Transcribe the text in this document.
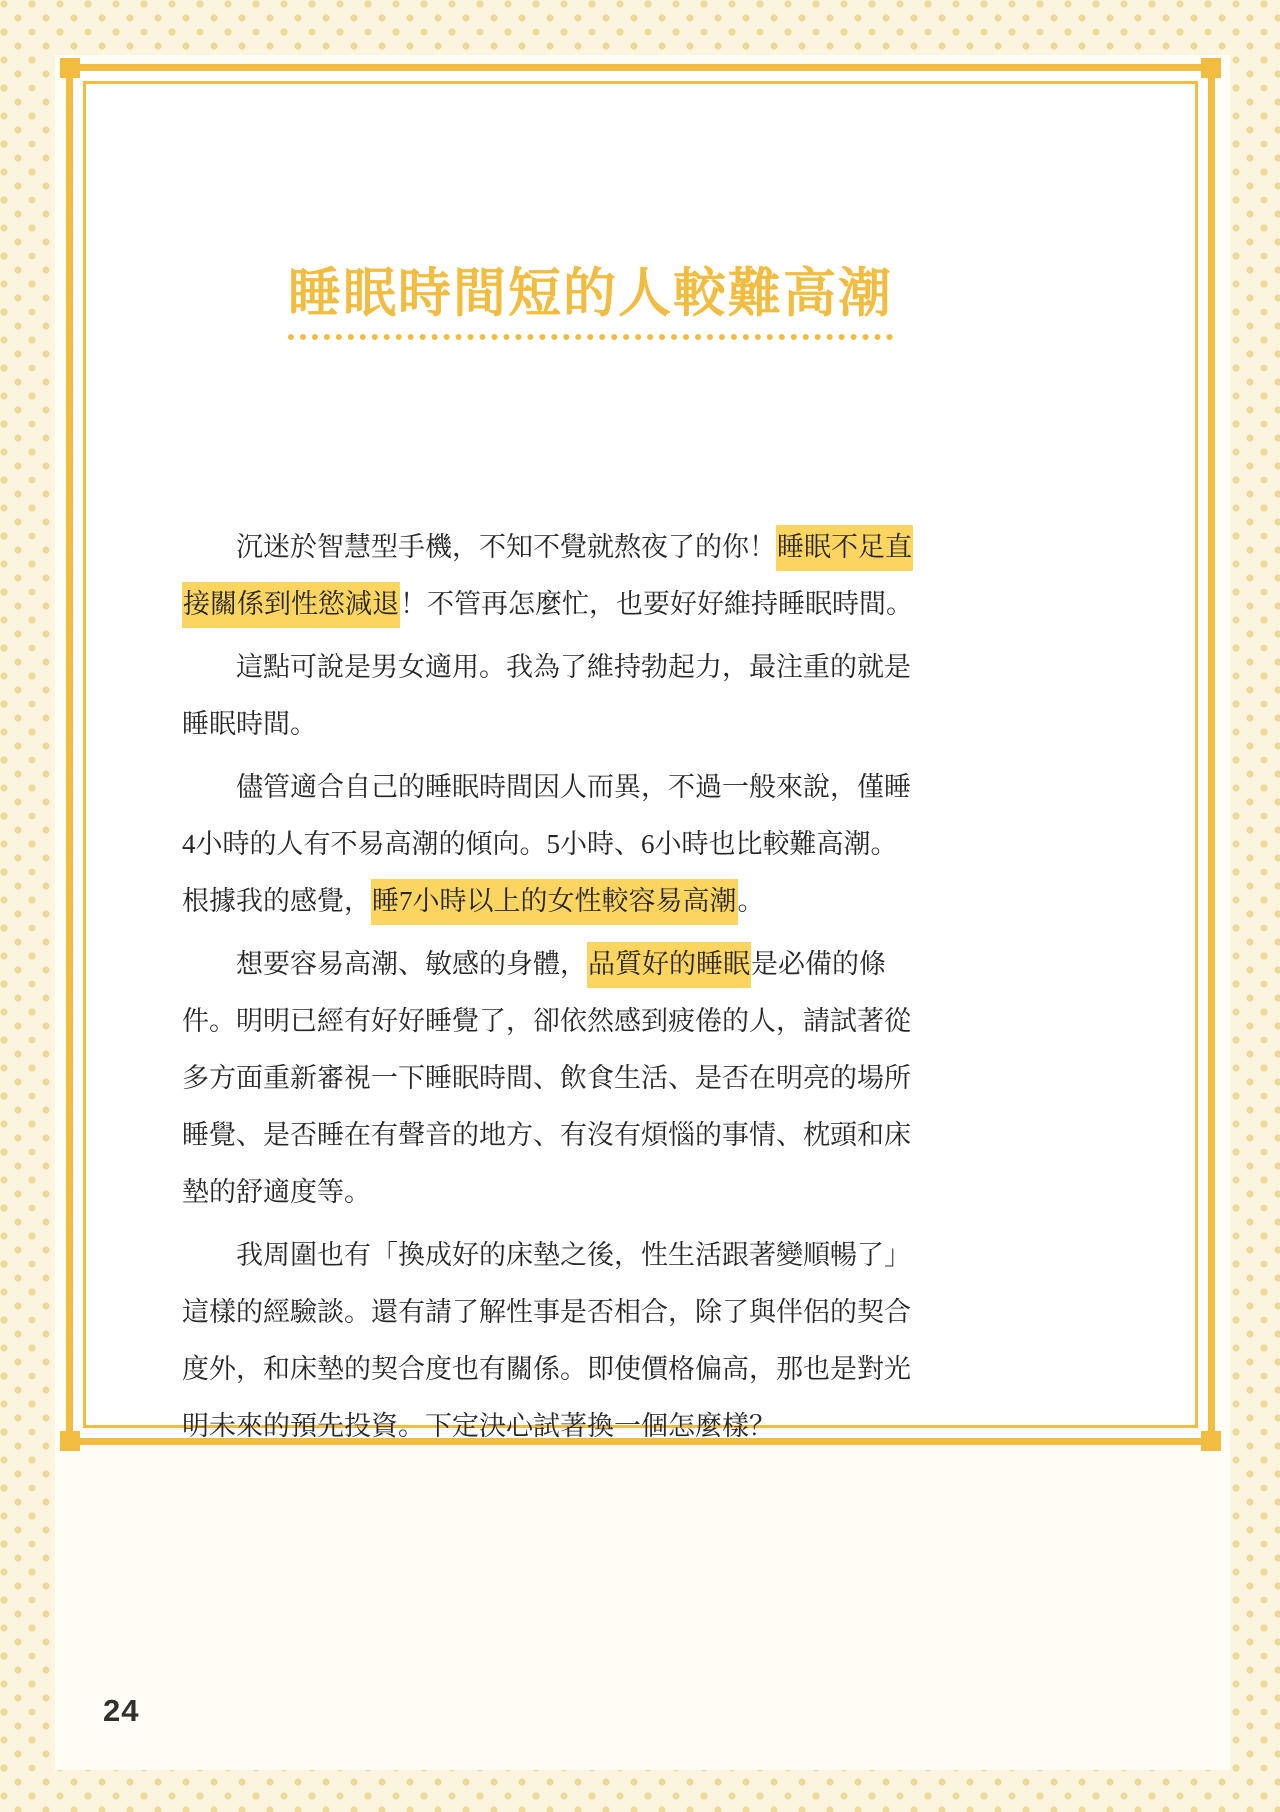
睡眠時間短的人較難高潮
沉迷於智慧型手機，不知不覺就熬夜了的你！睡眠不足直
接關係到性慾減退！不管再怎麼忙，也要好好維持睡眠時間。
這點可說是男女適用。我為了維持勃起力，最注重的就是
睡眠時間。
儘管適合自己的睡眠時間因人而異，不過一般來說，僅睡
4小時的人有不易高潮的傾向。5小時、6小時也比較難高潮。
根據我的感覺，睡7小時以上的女性較容易高潮。
想要容易高潮、敏感的身體，品質好的睡眠是必備的條
件。明明已經有好好睡覺了，卻依然感到疲倦的人，請試著從
多方面重新審視一下睡眠時間、飲食生活、是否在明亮的場所
睡覺、是否睡在有聲音的地方、有沒有煩惱的事情、枕頭和床
墊的舒適度等。
我周圍也有「換成好的床墊之後，性生活跟著變順暢了」
這樣的經驗談。還有請了解性事是否相合，除了與伴侶的契合
度外，和床墊的契合度也有關係。即使價格偏高，那也是對光
明未來的預先投資。下定決心試著換一個怎麼樣？
24
